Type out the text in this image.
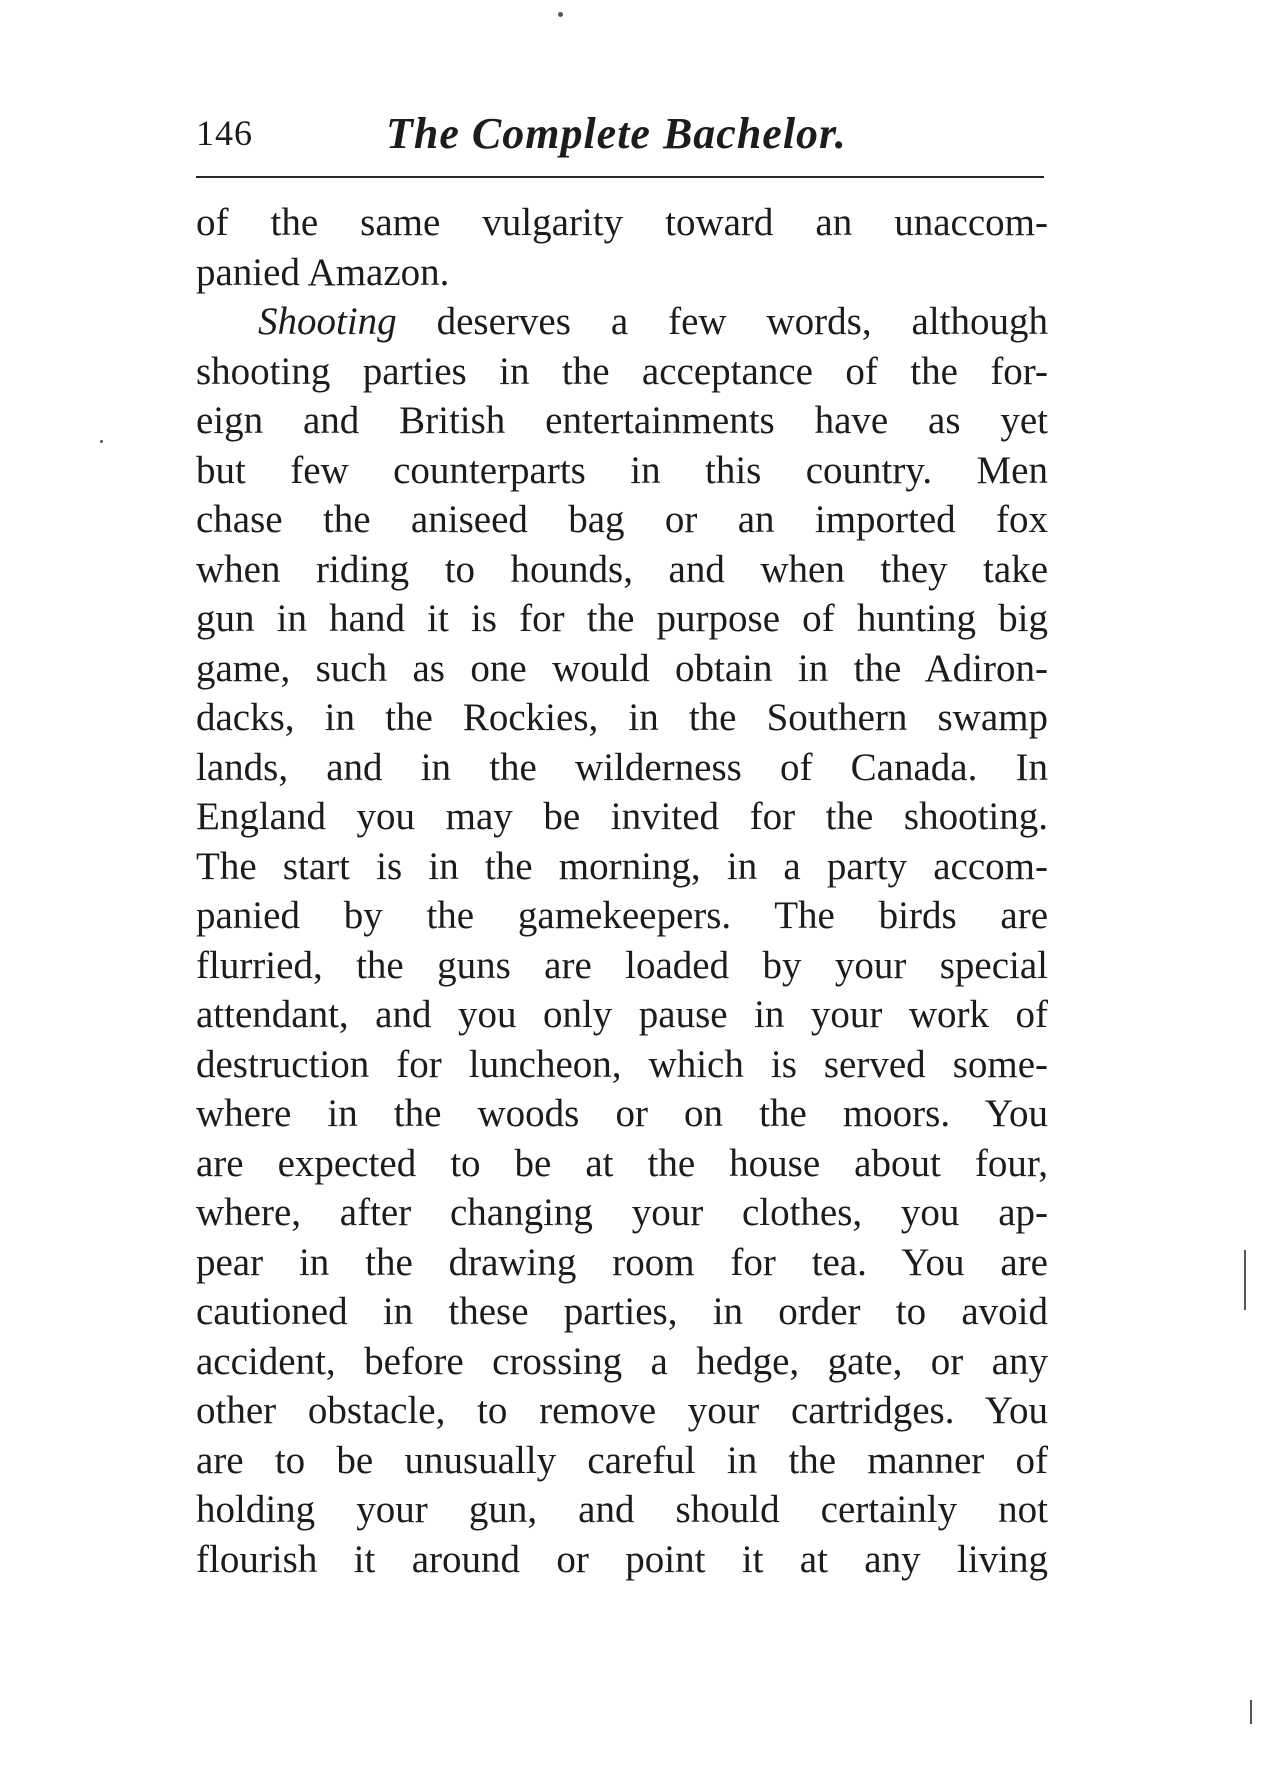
146	The Complete Bachelor.
of the same vulgarity toward an unaccom-
panied Amazon.
Shooting deserves a few words, although
shooting parties in the acceptance of the for-
eign and British entertainments have as yet
but few counterparts in this country. Men
chase the aniseed bag or an imported fox
when riding to hounds, and when they take
gun in hand it is for the purpose of hunting big
game, such as one would obtain in the Adiron-
dacks, in the Rockies, in the Southern swamp
lands, and in the wilderness of Canada. In
England you may be invited for the shooting.
The start is in the morning, in a party accom-
panied by the gamekeepers. The birds are
flurried, the guns are loaded by your special
attendant, and you only pause in your work of
destruction for luncheon, which is served some-
where in the woods or on the moors. You
are expected to be at the house about four,
where, after changing your clothes, you ap-
pear in the drawing room for tea. You are
cautioned in these parties, in order to avoid
accident, before crossing a hedge, gate, or any
other obstacle, to remove your cartridges. You
are to be unusually careful in the manner of
holding your gun, and should certainly not
flourish it around or point it at any living
